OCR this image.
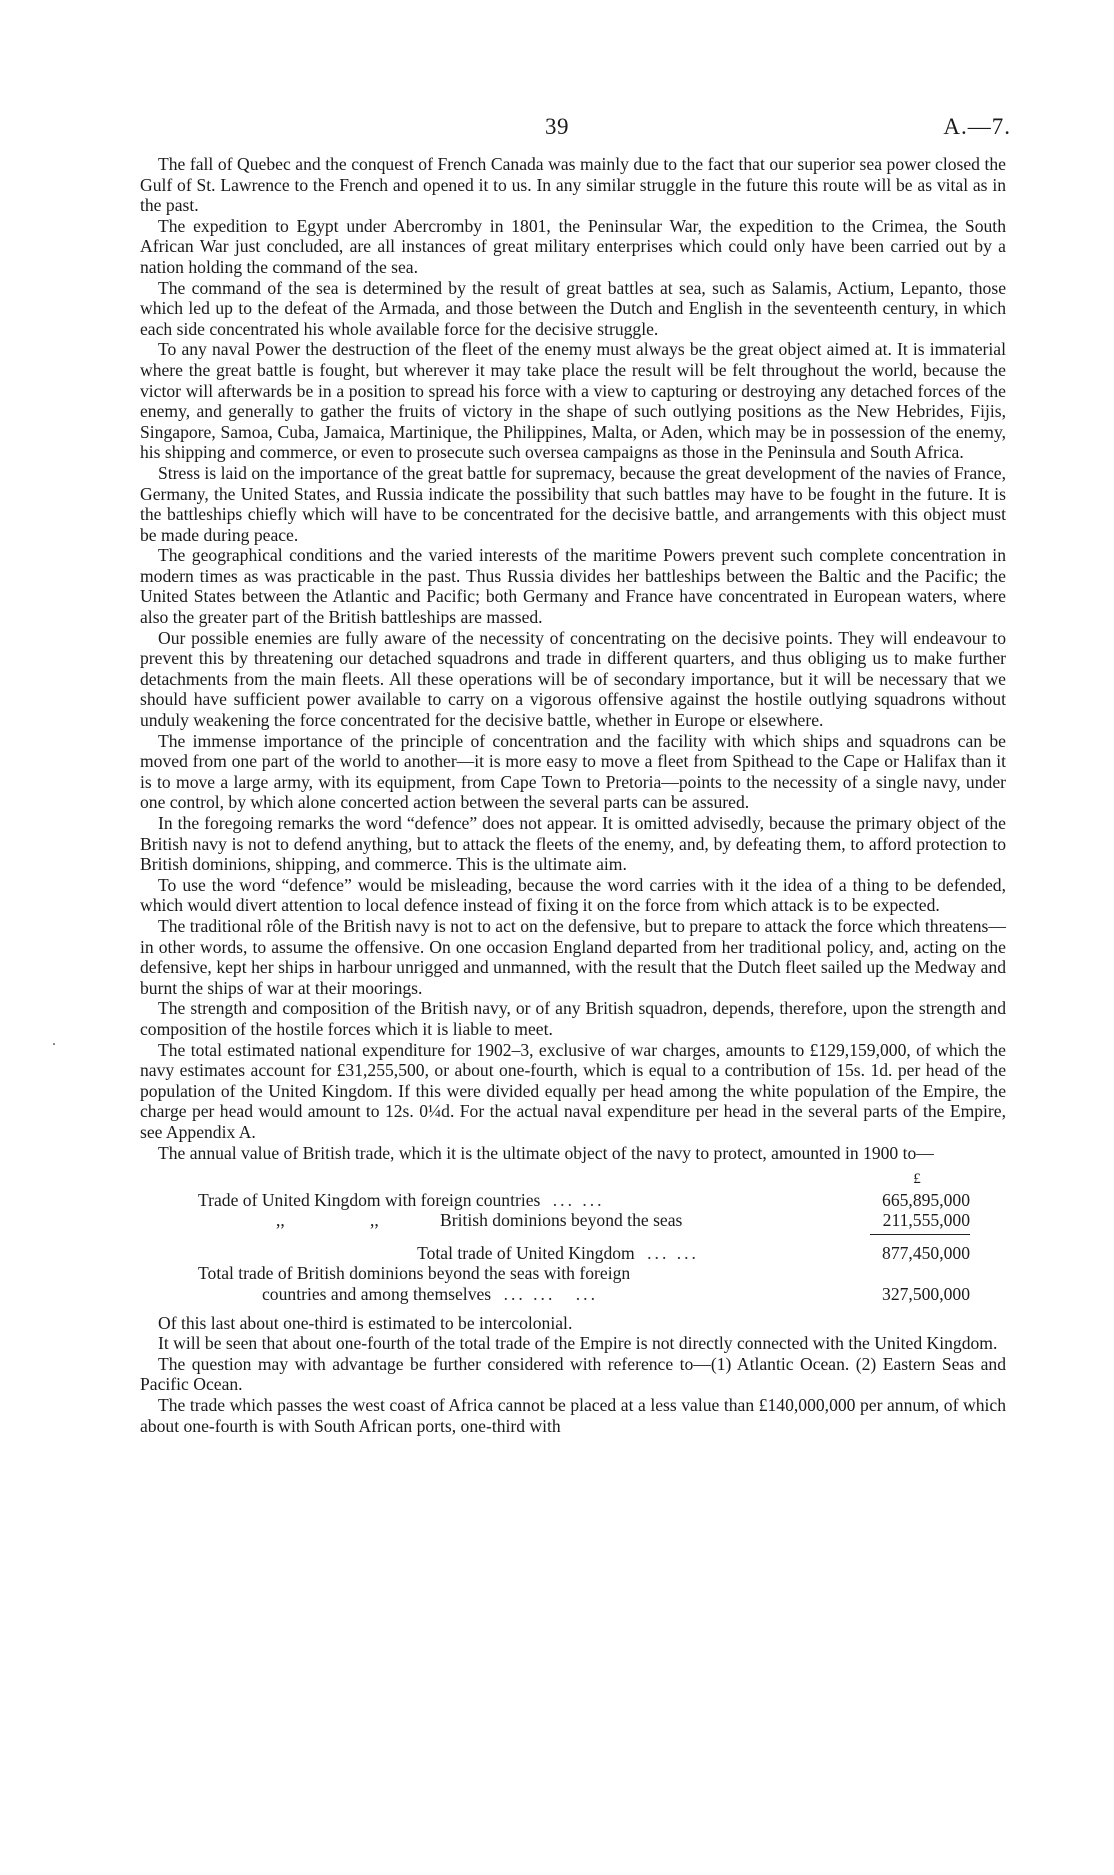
39	A.—7.
.

The fall of Quebec and the conquest of French Canada was mainly due to the fact that our superior sea power closed the Gulf of St. Lawrence to the French and opened it to us. In any similar struggle in the future this route will be as vital as in the past.

The expedition to Egypt under Abercromby in 1801, the Peninsular War, the expedition to the Crimea, the South African War just concluded, are all instances of great military enterprises which could only have been carried out by a nation holding the command of the sea.

The command of the sea is determined by the result of great battles at sea, such as Salamis, Actium, Lepanto, those which led up to the defeat of the Armada, and those between the Dutch and English in the seventeenth century, in which each side concentrated his whole available force for the decisive struggle.

To any naval Power the destruction of the fleet of the enemy must always be the great object aimed at. It is immaterial where the great battle is fought, but wherever it may take place the result will be felt throughout the world, because the victor will afterwards be in a position to spread his force with a view to capturing or destroying any detached forces of the enemy, and generally to gather the fruits of victory in the shape of such outlying positions as the New Hebrides, Fijis, Singapore, Samoa, Cuba, Jamaica, Martinique, the Philippines, Malta, or Aden, which may be in possession of the enemy, his shipping and commerce, or even to prosecute such oversea campaigns as those in the Peninsula and South Africa.

Stress is laid on the importance of the great battle for supremacy, because the great development of the navies of France, Germany, the United States, and Russia indicate the possibility that such battles may have to be fought in the future. It is the battleships chiefly which will have to be concentrated for the decisive battle, and arrangements with this object must be made during peace.

The geographical conditions and the varied interests of the maritime Powers prevent such complete concentration in modern times as was practicable in the past. Thus Russia divides her battleships between the Baltic and the Pacific; the United States between the Atlantic and Pacific; both Germany and France have concentrated in European waters, where also the greater part of the British battleships are massed.

Our possible enemies are fully aware of the necessity of concentrating on the decisive points. They will endeavour to prevent this by threatening our detached squadrons and trade in different quarters, and thus obliging us to make further detachments from the main fleets. All these operations will be of secondary importance, but it will be necessary that we should have sufficient power available to carry on a vigorous offensive against the hostile outlying squadrons without unduly weakening the force concentrated for the decisive battle, whether in Europe or elsewhere.

The immense importance of the principle of concentration and the facility with which ships and squadrons can be moved from one part of the world to another—it is more easy to move a fleet from Spithead to the Cape or Halifax than it is to move a large army, with its equipment, from Cape Town to Pretoria—points to the necessity of a single navy, under one control, by which alone concerted action between the several parts can be assured.

In the foregoing remarks the word “defence” does not appear. It is omitted advisedly, because the primary object of the British navy is not to defend anything, but to attack the fleets of the enemy, and, by defeating them, to afford protection to British dominions, shipping, and commerce. This is the ultimate aim.

To use the word “defence” would be misleading, because the word carries with it the idea of a thing to be defended, which would divert attention to local defence instead of fixing it on the force from which attack is to be expected.

The traditional rôle of the British navy is not to act on the defensive, but to prepare to attack the force which threatens—in other words, to assume the offensive. On one occasion England departed from her traditional policy, and, acting on the defensive, kept her ships in harbour unrigged and unmanned, with the result that the Dutch fleet sailed up the Medway and burnt the ships of war at their moorings.

The strength and composition of the British navy, or of any British squadron, depends, therefore, upon the strength and composition of the hostile forces which it is liable to meet.

The total estimated national expenditure for 1902–3, exclusive of war charges, amounts to £129,159,000, of which the navy estimates account for £31,255,500, or about one-fourth, which is equal to a contribution of 15s. 1d. per head of the population of the United Kingdom. If this were divided equally per head among the white population of the Empire, the charge per head would amount to 12s. 0¼d. For the actual naval expenditure per head in the several parts of the Empire, see Appendix A.

The annual value of British trade, which it is the ultimate object of the navy to protect, amounted in 1900 to—

£
Trade of United Kingdom with foreign countries ... ...	665,895,000
,,	,,	British dominions beyond the seas	211,555,000
Total trade of United Kingdom ... ...	877,450,000
Total trade of British dominions beyond the seas with foreign
countries and among themselves ... ... ...	327,500,000

Of this last about one-third is estimated to be intercolonial.

It will be seen that about one-fourth of the total trade of the Empire is not directly connected with the United Kingdom.

The question may with advantage be further considered with reference to—(1) Atlantic Ocean. (2) Eastern Seas and Pacific Ocean.

The trade which passes the west coast of Africa cannot be placed at a less value than £140,000,000 per annum, of which about one-fourth is with South African ports, one-third with
